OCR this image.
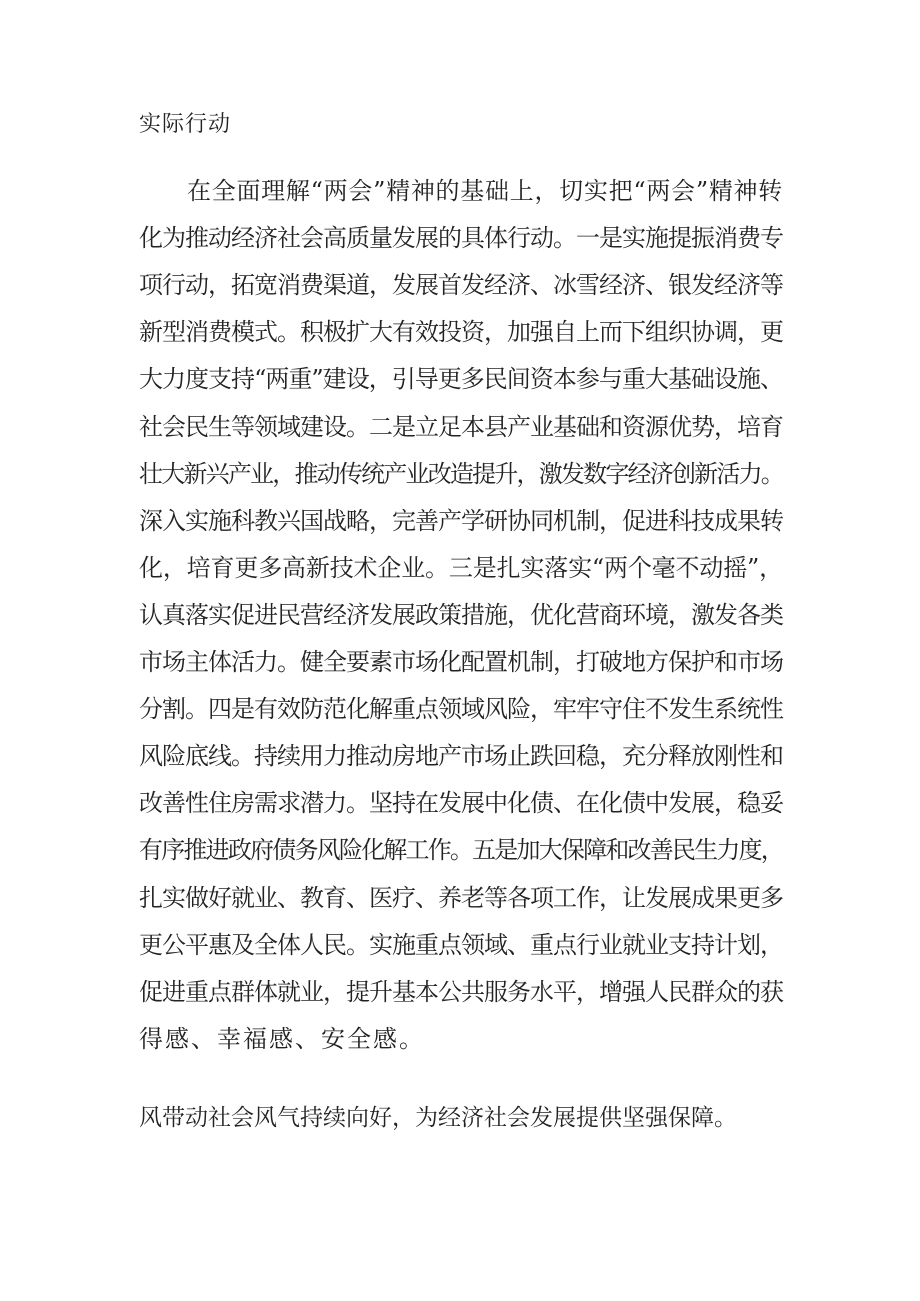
实际行动

在全面理解“两会”精神的基础上，切实把“两会”精神转

化为推动经济社会高质量发展的具体行动。一是实施提振消费专

项行动，拓宽消费渠道，发展首发经济、冰雪经济、银发经济等

新型消费模式。积极扩大有效投资，加强自上而下组织协调，更

大力度支持“两重”建设，引导更多民间资本参与重大基础设施、

社会民生等领域建设。二是立足本县产业基础和资源优势，培育

壮大新兴产业，推动传统产业改造提升，激发数字经济创新活力。

深入实施科教兴国战略，完善产学研协同机制，促进科技成果转

化，培育更多高新技术企业。三是扎实落实“两个毫不动摇”，

认真落实促进民营经济发展政策措施，优化营商环境，激发各类

市场主体活力。健全要素市场化配置机制，打破地方保护和市场

分割。四是有效防范化解重点领域风险，牢牢守住不发生系统性

风险底线。持续用力推动房地产市场止跌回稳，充分释放刚性和

改善性住房需求潜力。坚持在发展中化债、在化债中发展，稳妥

有序推进政府债务风险化解工作。五是加大保障和改善民生力度，

扎实做好就业、教育、医疗、养老等各项工作，让发展成果更多

更公平惠及全体人民。实施重点领域、重点行业就业支持计划，

促进重点群体就业，提升基本公共服务水平，增强人民群众的获

得感、幸福感、安全感。

风带动社会风气持续向好，为经济社会发展提供坚强保障。
